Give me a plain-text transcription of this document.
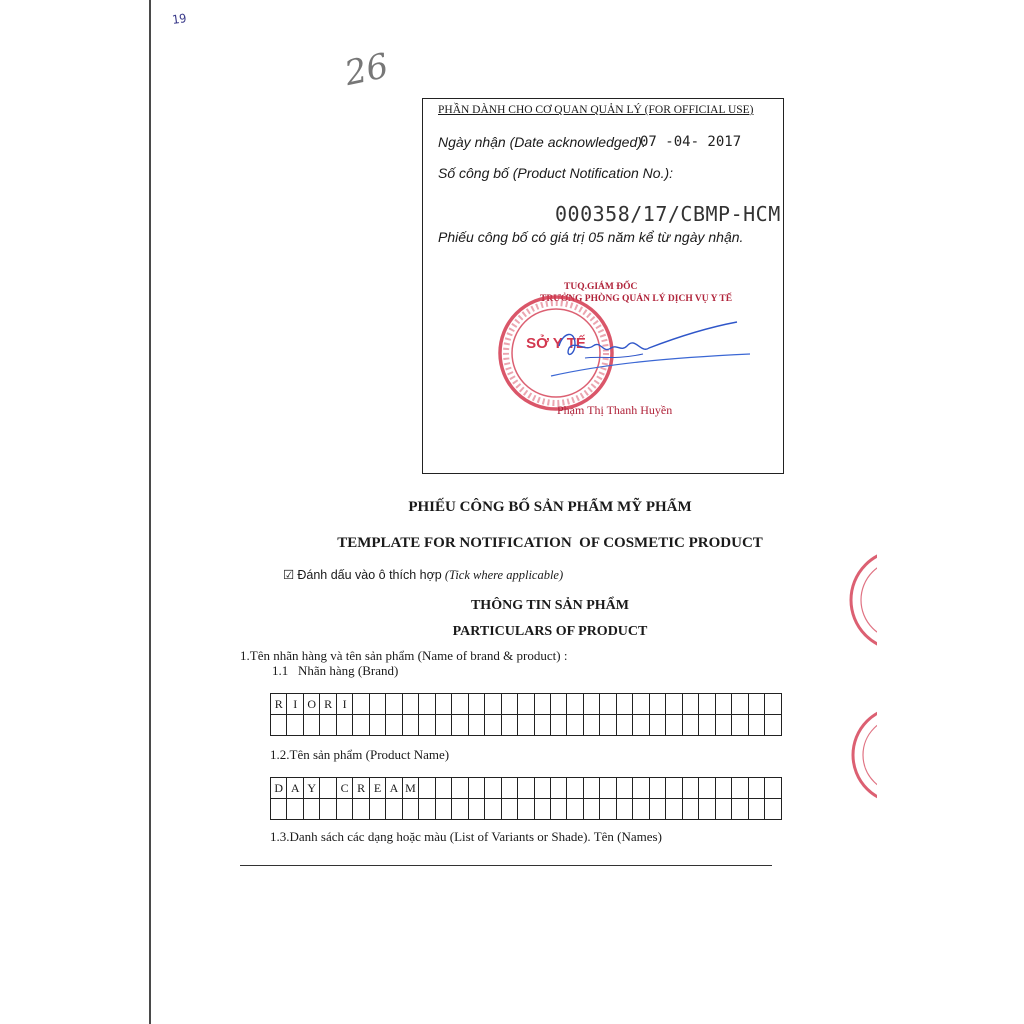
19
26
PHẦN DÀNH CHO CƠ QUAN QUẢN LÝ (FOR OFFICIAL USE)
Ngày nhận (Date acknowledged):
07 -04- 2017
Số công bố (Product Notification No.):
000358/17/CBMP-HCM
Phiếu công bố có giá trị 05 năm kể từ ngày nhận.
TUQ.GIÁM ĐỐC
TRƯỞNG PHÒNG QUẢN LÝ DỊCH VỤ Y TẾ
SỞ Y TẾ
Phạm Thị Thanh Huyền
PHIẾU CÔNG BỐ SẢN PHẨM MỸ PHẨM
TEMPLATE FOR NOTIFICATION  OF COSMETIC PRODUCT
☑ Đánh dấu vào ô thích hợp (Tick where applicable)
THÔNG TIN SẢN PHẨM
PARTICULARS OF PRODUCT
1.Tên nhãn hàng và tên sản phẩm (Name of brand & product) :
1.1   Nhãn hàng (Brand)
R	I	O	R	I																										

1.2.Tên sản phẩm (Product Name)
D	A	Y		C	R	E	A	M																						

1.3.Danh sách các dạng hoặc màu (List of Variants or Shade). Tên (Names)
